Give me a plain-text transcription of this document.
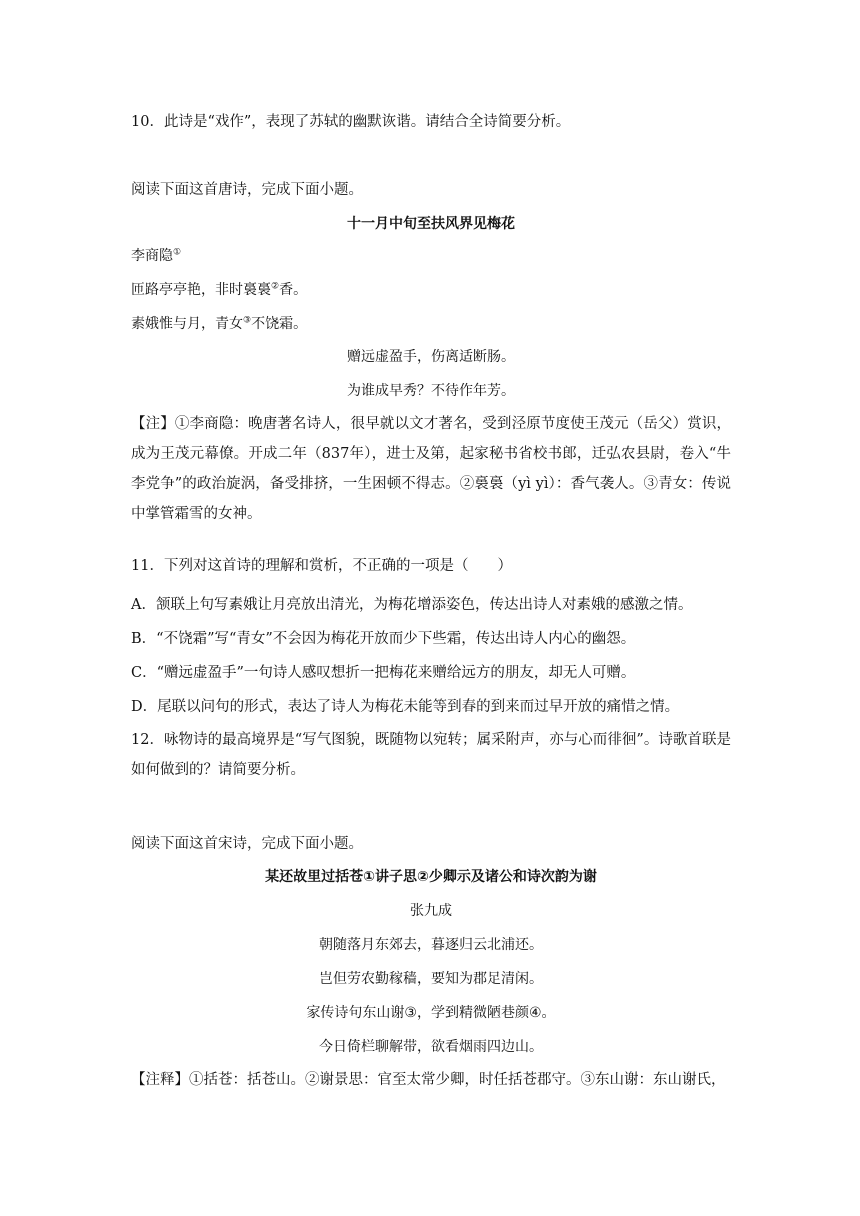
10．此诗是“戏作”，表现了苏轼的幽默诙谐。请结合全诗简要分析。
阅读下面这首唐诗，完成下面小题。
十一月中旬至扶风界见梅花
李商隐①
匝路亭亭艳，非时裛裛②香。
素娥惟与月，青女③不饶霜。
赠远虚盈手，伤离适断肠。
为谁成早秀？不待作年芳。
【注】①李商隐：晚唐著名诗人，很早就以文才著名，受到泾原节度使王茂元（岳父）赏识，成为王茂元幕僚。开成二年（837年），进士及第，起家秘书省校书郎，迁弘农县尉，卷入“牛李党争”的政治旋涡，备受排挤，一生困顿不得志。②裛裛（yì yì）：香气袭人。③青女：传说中掌管霜雪的女神。
11．下列对这首诗的理解和赏析，不正确的一项是（　　）
A．颔联上句写素娥让月亮放出清光，为梅花增添姿色，传达出诗人对素娥的感激之情。
B．“不饶霜”写“青女”不会因为梅花开放而少下些霜，传达出诗人内心的幽怨。
C．“赠远虚盈手”一句诗人感叹想折一把梅花来赠给远方的朋友，却无人可赠。
D．尾联以问句的形式，表达了诗人为梅花未能等到春的到来而过早开放的痛惜之情。
12．咏物诗的最高境界是“写气图貌，既随物以宛转；属采附声，亦与心而徘徊”。诗歌首联是如何做到的？请简要分析。
阅读下面这首宋诗，完成下面小题。
某还故里过括苍①讲子思②少卿示及诸公和诗次韵为谢
张九成
朝随落月东郊去，暮逐归云北浦还。
岂但劳农勤稼穑，要知为郡足清闲。
家传诗句东山谢③，学到精微陋巷颜④。
今日倚栏聊解带，欲看烟雨四边山。
【注释】①括苍：括苍山。②谢景思：官至太常少卿，时任括苍郡守。③东山谢：东山谢氏，
